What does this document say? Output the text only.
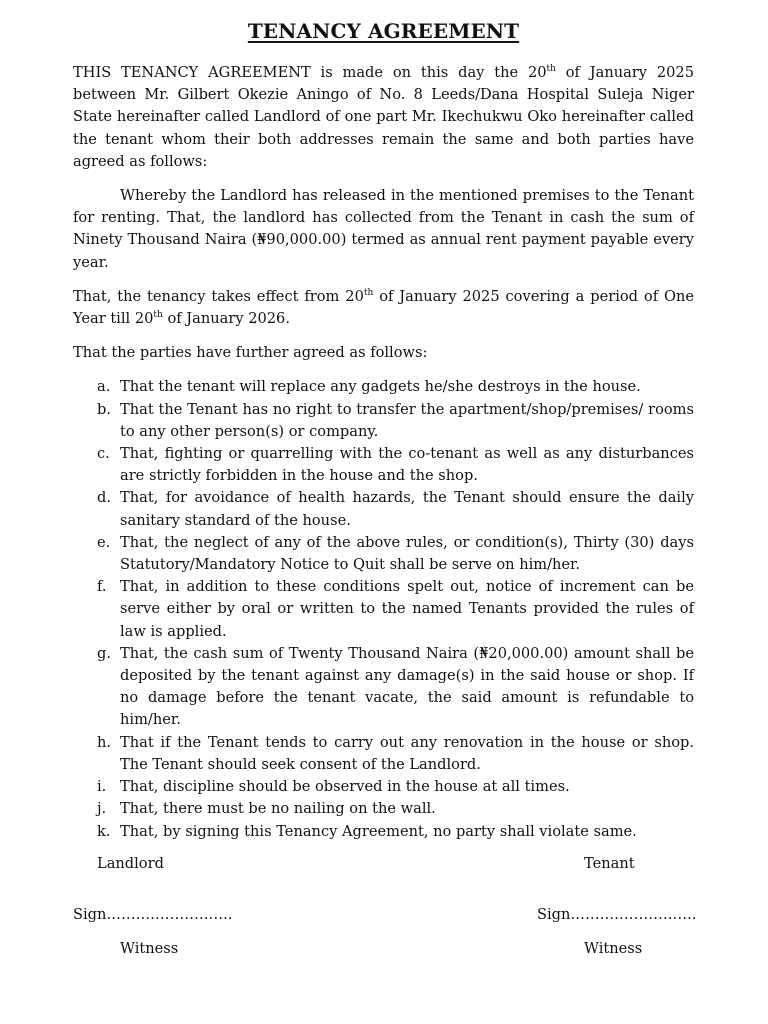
TENANCY AGREEMENT

THIS TENANCY AGREEMENT is made on this day the 20th of January 2025 between Mr. Gilbert Okezie Aningo of No. 8 Leeds/Dana Hospital Suleja Niger State hereinafter called Landlord of one part Mr. Ikechukwu Oko hereinafter called the tenant whom their both addresses remain the same and both parties have agreed as follows:

Whereby the Landlord has released in the mentioned premises to the Tenant for renting. That, the landlord has collected from the Tenant in cash the sum of Ninety Thousand Naira (₦90,000.00) termed as annual rent payment payable every year.

That, the tenancy takes effect from 20th of January 2025 covering a period of One Year till 20th of January 2026.

That the parties have further agreed as follows:

a. That the tenant will replace any gadgets he/she destroys in the house.
b. That the Tenant has no right to transfer the apartment/shop/premises/ rooms to any other person(s) or company.
c. That, fighting or quarrelling with the co-tenant as well as any disturbances are strictly forbidden in the house and the shop.
d. That, for avoidance of health hazards, the Tenant should ensure the daily sanitary standard of the house.
e. That, the neglect of any of the above rules, or condition(s), Thirty (30) days Statutory/Mandatory Notice to Quit shall be serve on him/her.
f. That, in addition to these conditions spelt out, notice of increment can be serve either by oral or written to the named Tenants provided the rules of law is applied.
g. That, the cash sum of Twenty Thousand Naira (₦20,000.00) amount shall be deposited by the tenant against any damage(s) in the said house or shop. If no damage before the tenant vacate, the said amount is refundable to him/her.
h. That if the Tenant tends to carry out any renovation in the house or shop. The Tenant should seek consent of the Landlord.
i. That, discipline should be observed in the house at all times.
j. That, there must be no nailing on the wall.
k. That, by signing this Tenancy Agreement, no party shall violate same.
Landlord	Tenant
Sign……………………..	Sign……………………..
Witness	Witness
